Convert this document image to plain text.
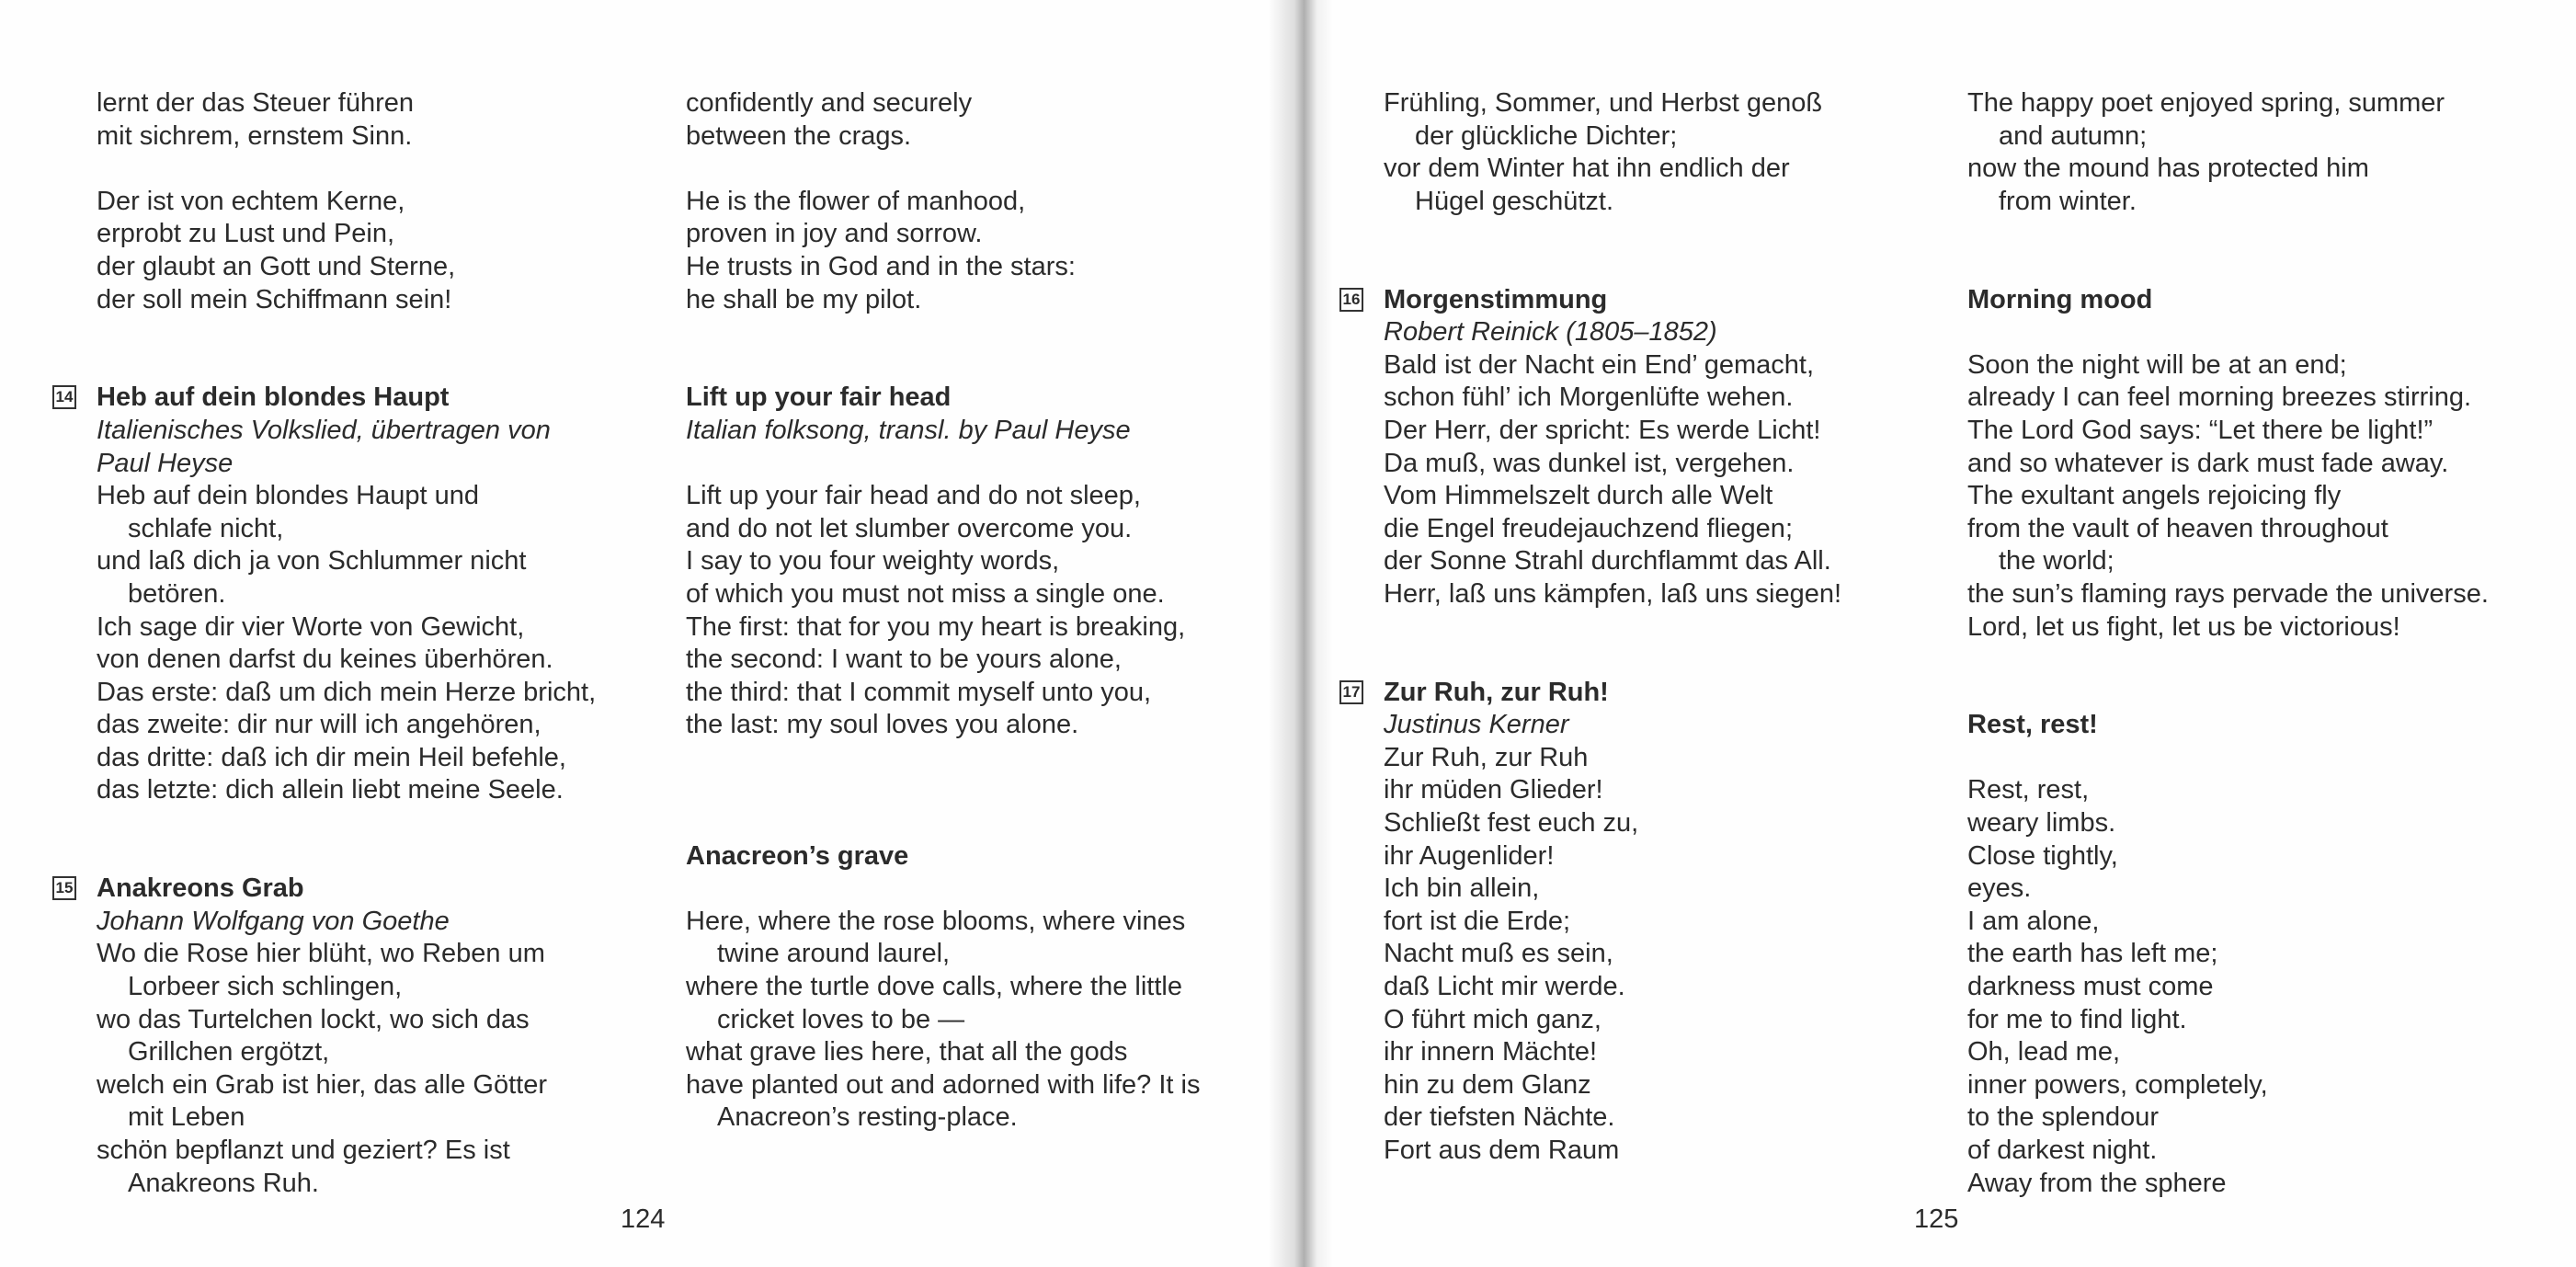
lernt der das Steuer führen

mit sichrem, ernstem Sinn.

Der ist von echtem Kerne,

erprobt zu Lust und Pein,

der glaubt an Gott und Sterne,

der soll mein Schiffmann sein!

14 Heb auf dein blondes Haupt

Italienisches Volkslied, übertragen von

Paul Heyse

Heb auf dein blondes Haupt und

schlafe nicht,

und laß dich ja von Schlummer nicht

betören.

Ich sage dir vier Worte von Gewicht,

von denen darfst du keines überhören.

Das erste: daß um dich mein Herze bricht,

das zweite: dir nur will ich angehören,

das dritte: daß ich dir mein Heil befehle,

das letzte: dich allein liebt meine Seele.

15 Anakreons Grab

Johann Wolfgang von Goethe

Wo die Rose hier blüht, wo Reben um

Lorbeer sich schlingen,

wo das Turtelchen lockt, wo sich das

Grillchen ergötzt,

welch ein Grab ist hier, das alle Götter

mit Leben

schön bepflanzt und geziert? Es ist

Anakreons Ruh.

confidently and securely

between the crags.

He is the flower of manhood,

proven in joy and sorrow.

He trusts in God and in the stars:

he shall be my pilot.

Lift up your fair head

Italian folksong, transl. by Paul Heyse

Lift up your fair head and do not sleep,

and do not let slumber overcome you.

I say to you four weighty words,

of which you must not miss a single one.

The first: that for you my heart is breaking,

the second: I want to be yours alone,

the third: that I commit myself unto you,

the last: my soul loves you alone.

Anacreon’s grave

Here, where the rose blooms, where vines

twine around laurel,

where the turtle dove calls, where the little

cricket loves to be —

what grave lies here, that all the gods

have planted out and adorned with life? It is

Anacreon’s resting-place.

124

Frühling, Sommer, und Herbst genoß

der glückliche Dichter;

vor dem Winter hat ihn endlich der

Hügel geschützt.

16 Morgenstimmung

Robert Reinick (1805–1852)

Bald ist der Nacht ein End’ gemacht,

schon fühl’ ich Morgenlüfte wehen.

Der Herr, der spricht: Es werde Licht!

Da muß, was dunkel ist, vergehen.

Vom Himmelszelt durch alle Welt

die Engel freudejauchzend fliegen;

der Sonne Strahl durchflammt das All.

Herr, laß uns kämpfen, laß uns siegen!

17 Zur Ruh, zur Ruh!

Justinus Kerner

Zur Ruh, zur Ruh

ihr müden Glieder!

Schließt fest euch zu,

ihr Augenlider!

Ich bin allein,

fort ist die Erde;

Nacht muß es sein,

daß Licht mir werde.

O führt mich ganz,

ihr innern Mächte!

hin zu dem Glanz

der tiefsten Nächte.

Fort aus dem Raum

The happy poet enjoyed spring, summer

and autumn;

now the mound has protected him

from winter.

Morning mood

Soon the night will be at an end;

already I can feel morning breezes stirring.

The Lord God says: “Let there be light!”

and so whatever is dark must fade away.

The exultant angels rejoicing fly

from the vault of heaven throughout

the world;

the sun’s flaming rays pervade the universe.

Lord, let us fight, let us be victorious!

Rest, rest!

Rest, rest,

weary limbs.

Close tightly,

eyes.

I am alone,

the earth has left me;

darkness must come

for me to find light.

Oh, lead me,

inner powers, completely,

to the splendour

of darkest night.

Away from the sphere

125
